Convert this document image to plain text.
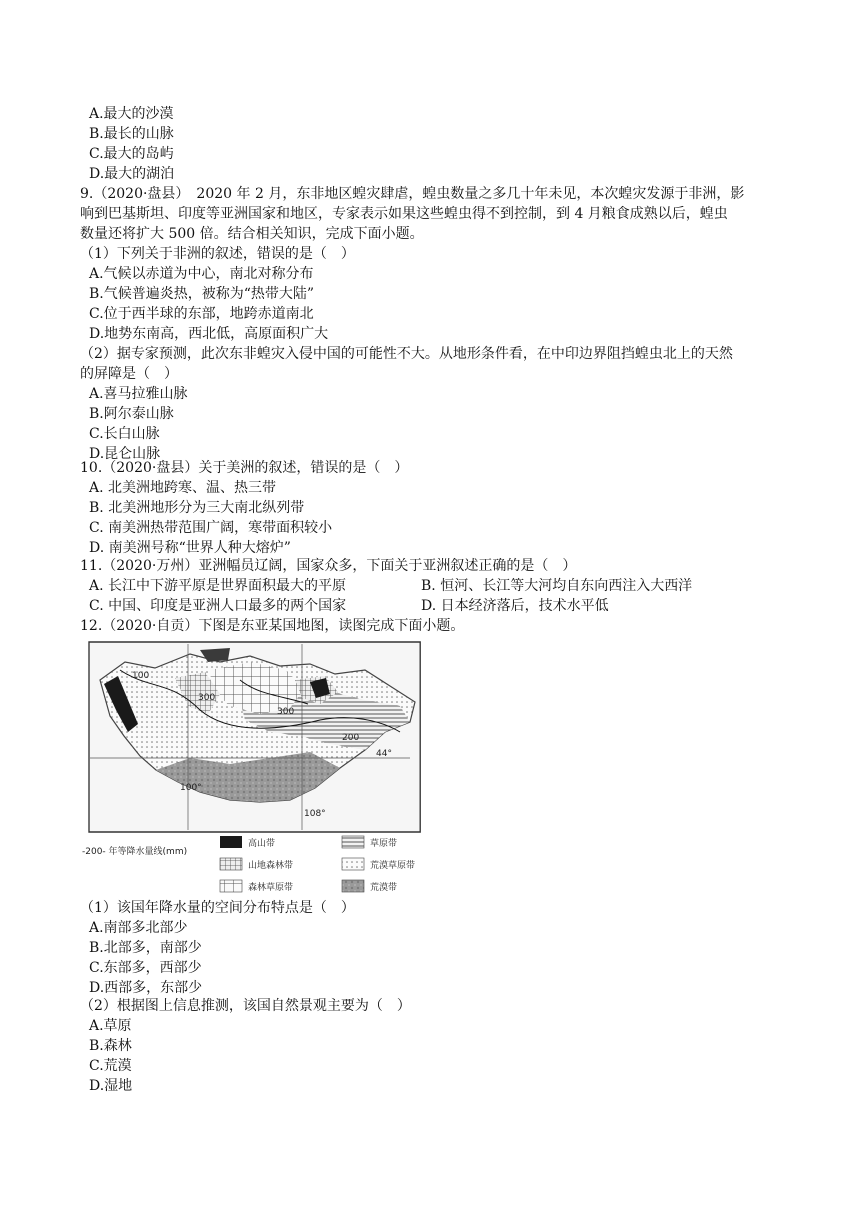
A.最大的沙漠
B.最长的山脉
C.最大的岛屿
D.最大的湖泊
9.（2020·盘县）　2020 年 2 月，东非地区蝗灾肆虐，蝗虫数量之多几十年未见，本次蝗灾发源于非洲，影
响到巴基斯坦、印度等亚洲国家和地区，专家表示如果这些蝗虫得不到控制，到 4 月粮食成熟以后，蝗虫
数量还将扩大 500 倍。结合相关知识，完成下面小题。
（1）下列关于非洲的叙述，错误的是（　）
A.气候以赤道为中心，南北对称分布
B.气候普遍炎热，被称为“热带大陆”
C.位于西半球的东部，地跨赤道南北
D.地势东南高，西北低，高原面积广大
（2）据专家预测，此次东非蝗灾入侵中国的可能性不大。从地形条件看，在中印边界阻挡蝗虫北上的天然
的屏障是（　）
A.喜马拉雅山脉
B.阿尔泰山脉
C.长白山脉
D.昆仑山脉
10.（2020·盘县）关于美洲的叙述，错误的是（　）
A. 北美洲地跨寒、温、热三带
B. 北美洲地形分为三大南北纵列带
C. 南美洲热带范围广阔，寒带面积较小
D. 南美洲号称“世界人种大熔炉”
11.（2020·万州）亚洲幅员辽阔，国家众多，下面关于亚洲叙述正确的是（　）
A. 长江中下游平原是世界面积最大的平原	B. 恒河、长江等大河均自东向西注入大西洋
C. 中国、印度是亚洲人口最多的两个国家	D. 日本经济落后，技术水平低
12.（2020·自贡）下图是东亚某国地图，读图完成下面小题。
100
300
300
200
44°
100°
108°
-200- 年等降水量线(mm)
高山带	草原带
山地森林带	荒漠草原带
森林草原带	荒漠带
（1）该国年降水量的空间分布特点是（　）
A.南部多北部少
B.北部多，南部少
C.东部多，西部少
D.西部多，东部少
（2）根据图上信息推测，该国自然景观主要为（　）
A.草原
B.森林
C.荒漠
D.湿地
